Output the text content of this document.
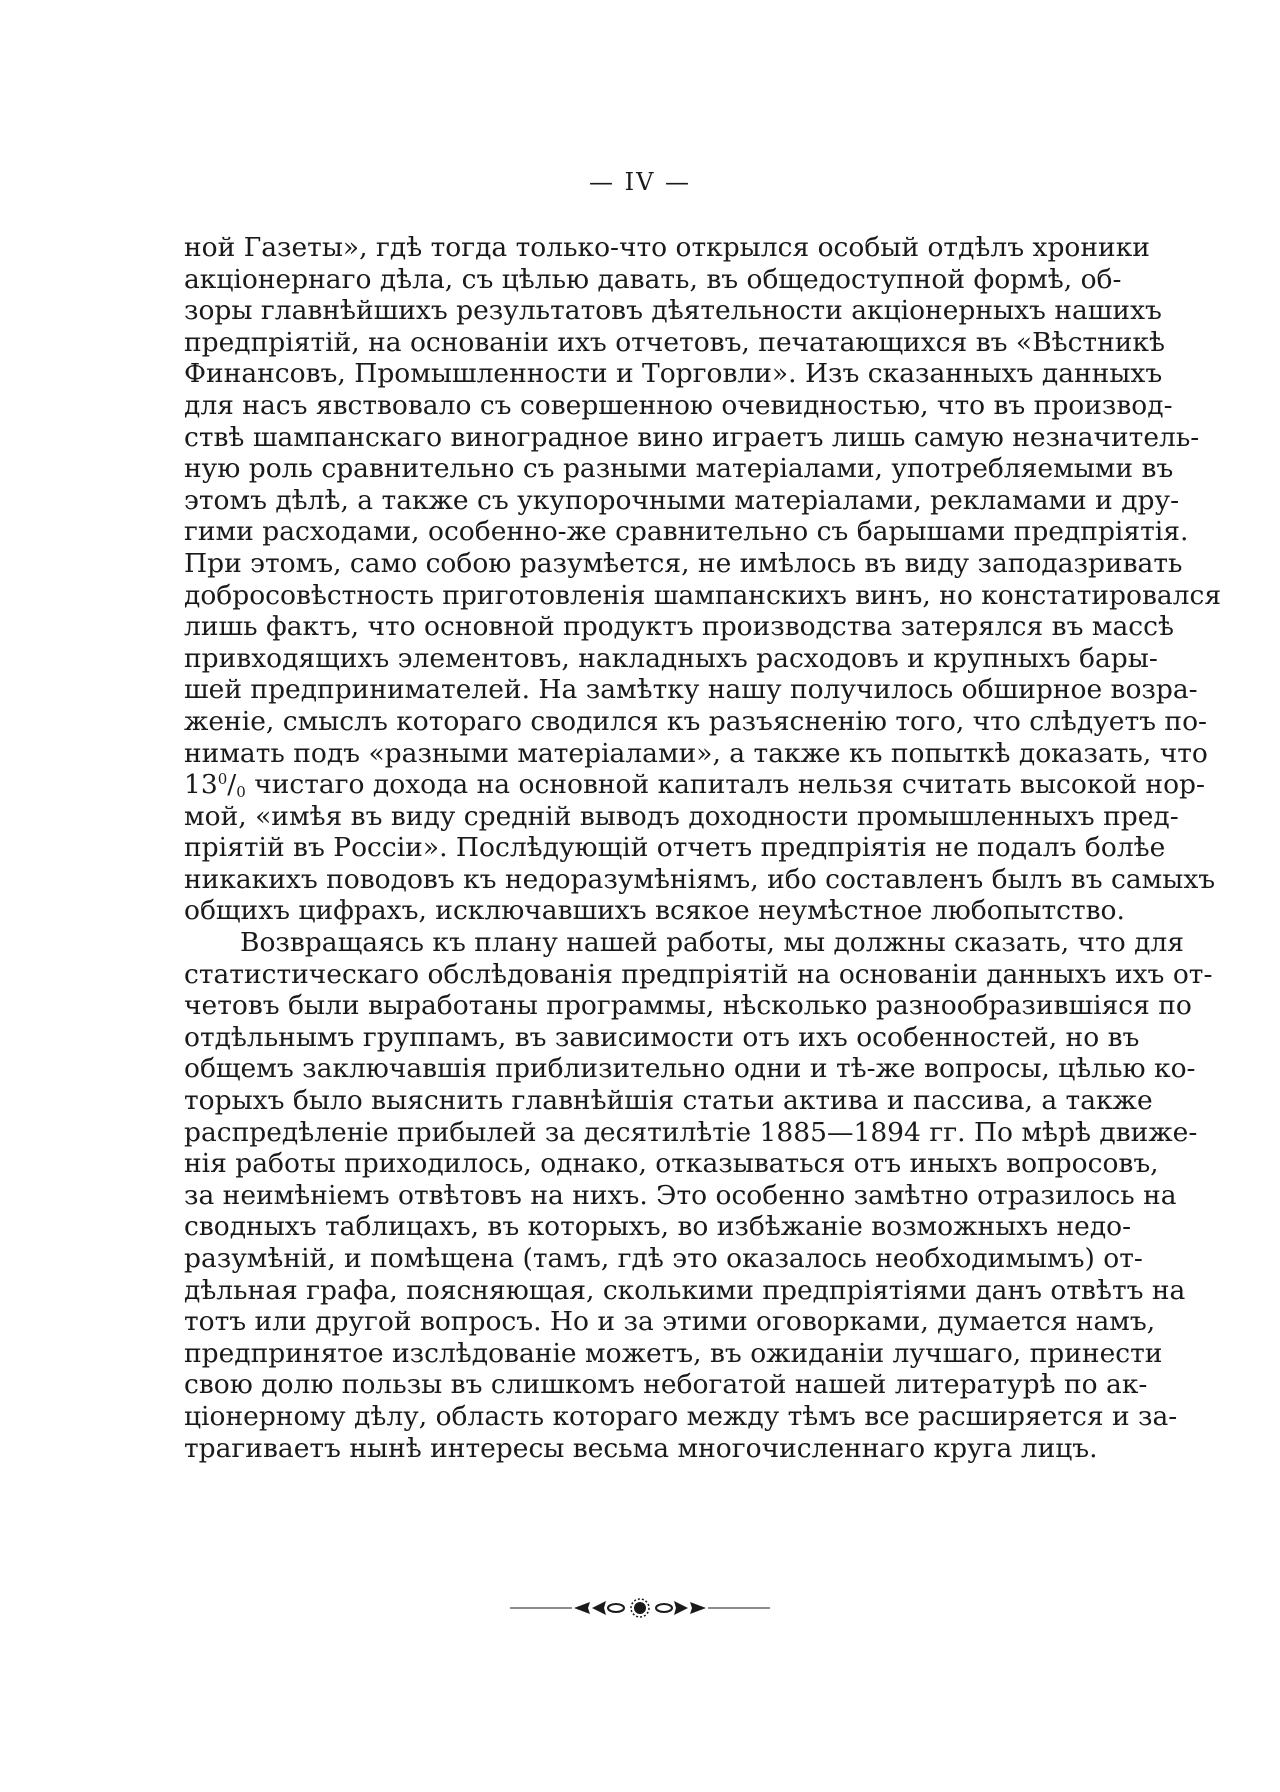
— IV —
ной Газеты», гдѣ тогда только-что открылся особый отдѣлъ хроники
акціонернаго дѣла, съ цѣлью давать, въ общедоступной формѣ, об-
зоры главнѣйшихъ результатовъ дѣятельности акціонерныхъ нашихъ
предпріятій, на основаніи ихъ отчетовъ, печатающихся въ «Вѣстникѣ
Финансовъ, Промышленности и Торговли». Изъ сказанныхъ данныхъ
для насъ явствовало съ совершенною очевидностью, что въ производ-
ствѣ шампанскаго виноградное вино играетъ лишь самую незначитель-
ную роль сравнительно съ разными матеріалами, употребляемыми въ
этомъ дѣлѣ, а также съ укупорочными матеріалами, рекламами и дру-
гими расходами, особенно-же сравнительно съ барышами предпріятія.
При этомъ, само собою разумѣется, не имѣлось въ виду заподазривать
добросовѣстность приготовленія шампанскихъ винъ, но констатировался
лишь фактъ, что основной продуктъ производства затерялся въ массѣ
привходящихъ элементовъ, накладныхъ расходовъ и крупныхъ бары-
шей предпринимателей. На замѣтку нашу получилось обширное возра-
женіе, смыслъ котораго сводился къ разъясненію того, что слѣдуетъ по-
нимать подъ «разными матеріалами», а также къ попыткѣ доказать, что
$13^0/_0$ чистаго дохода на основной капиталъ нельзя считать высокой нор-
мой, «имѣя въ виду средній выводъ доходности промышленныхъ пред-
пріятій въ Россіи». Послѣдующій отчетъ предпріятія не подалъ болѣе
никакихъ поводовъ къ недоразумѣніямъ, ибо составленъ былъ въ самыхъ
общихъ цифрахъ, исключавшихъ всякое неумѣстное любопытство.
Возвращаясь къ плану нашей работы, мы должны сказать, что для
статистическаго обслѣдованія предпріятій на основаніи данныхъ ихъ от-
четовъ были выработаны программы, нѣсколько разнообразившіяся по
отдѣльнымъ группамъ, въ зависимости отъ ихъ особенностей, но въ
общемъ заключавшія приблизительно одни и тѣ-же вопросы, цѣлью ко-
торыхъ было выяснить главнѣйшія статьи актива и пассива, а также
распредѣленіе прибылей за десятилѣтіе 1885—1894 гг. По мѣрѣ движе-
нія работы приходилось, однако, отказываться отъ иныхъ вопросовъ,
за неимѣніемъ отвѣтовъ на нихъ. Это особенно замѣтно отразилось на
сводныхъ таблицахъ, въ которыхъ, во избѣжаніе возможныхъ недо-
разумѣній, и помѣщена (тамъ, гдѣ это оказалось необходимымъ) от-
дѣльная графа, поясняющая, сколькими предпріятіями данъ отвѣтъ на
тотъ или другой вопросъ. Но и за этими оговорками, думается намъ,
предпринятое изслѣдованіе можетъ, въ ожиданіи лучшаго, принести
свою долю пользы въ слишкомъ небогатой нашей литературѣ по ак-
ціонерному дѣлу, область котораго между тѣмъ все расширяется и за-
трагиваетъ нынѣ интересы весьма многочисленнаго круга лицъ.
